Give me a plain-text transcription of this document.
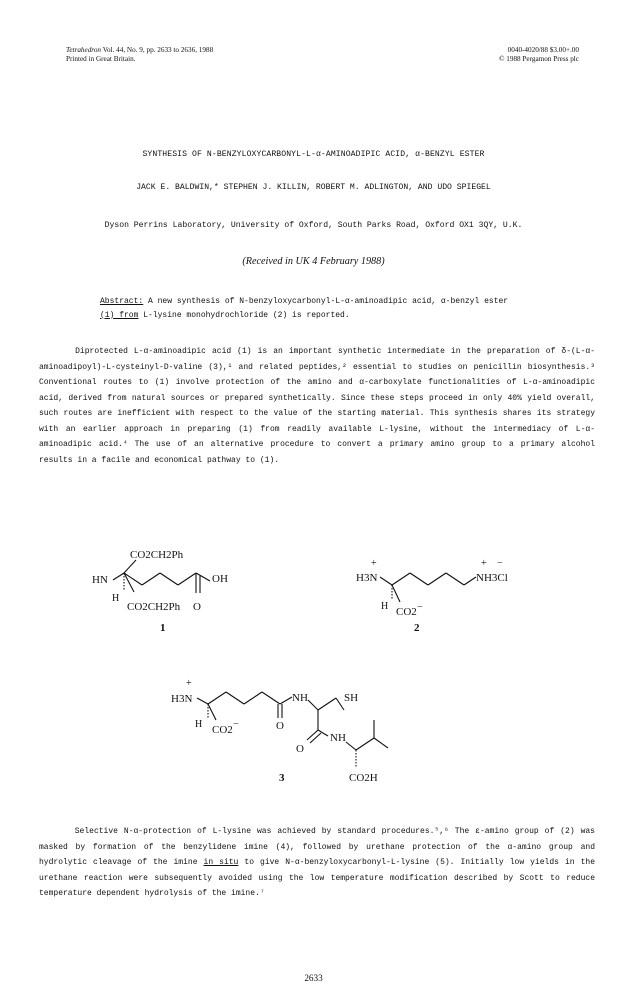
Tetrahedron Vol. 44, No. 9, pp. 2633 to 2636, 1988
Printed in Great Britain.
0040-4020/88 $3.00+.00
© 1988 Pergamon Press plc
SYNTHESIS OF N-BENZYLOXYCARBONYL-L-α-AMINOADIPIC ACID, α-BENZYL ESTER
JACK E. BALDWIN,* STEPHEN J. KILLIN, ROBERT M. ADLINGTON, AND UDO SPIEGEL
Dyson Perrins Laboratory, University of Oxford, South Parks Road, Oxford OX1 3QY, U.K.
(Received in UK 4 February 1988)
Abstract: A new synthesis of N-benzyloxycarbonyl-L-α-aminoadipic acid, α-benzyl ester
(1) from L-lysine monohydrochloride (2) is reported.
Diprotected L-α-aminoadipic acid (1) is an important synthetic intermediate in the preparation of δ-(L-α-aminoadipoyl)-L-cysteinyl-D-valine (3),¹ and related peptides,² essential to studies on penicillin biosynthesis.³ Conventional routes to (1) involve protection of the amino and α-carboxylate functionalities of L-α-aminoadipic acid, derived from natural sources or prepared synthetically. Since these steps proceed in only 40% yield overall, such routes are inefficient with respect to the value of the starting material. This synthesis shares its strategy with an earlier approach in preparing (1) from readily available L-lysine, without the intermediacy of L-α-aminoadipic acid.⁴ The use of an alternative procedure to convert a primary amino group to a primary alcohol results in a facile and economical pathway to (1).
CO2CH2Ph
HN
H
OH
CO2CH2Ph O
1
+
H3N
H CO2 −
+ −
NH3Cl
2
+
H3N
H CO2 −	O
NH	SH
O
NH
CO2H
3
Selective N-α-protection of L-lysine was achieved by standard procedures.⁵,⁶ The ε-amino group of (2) was masked by formation of the benzylidene imine (4), followed by urethane protection of the α-amino group and hydrolytic cleavage of the imine in situ to give N-α-benzyloxycarbonyl-L-lysine (5). Initially low yields in the urethane reaction were subsequently avoided using the low temperature modification described by Scott to reduce temperature dependent hydrolysis of the imine.⁷
2633
